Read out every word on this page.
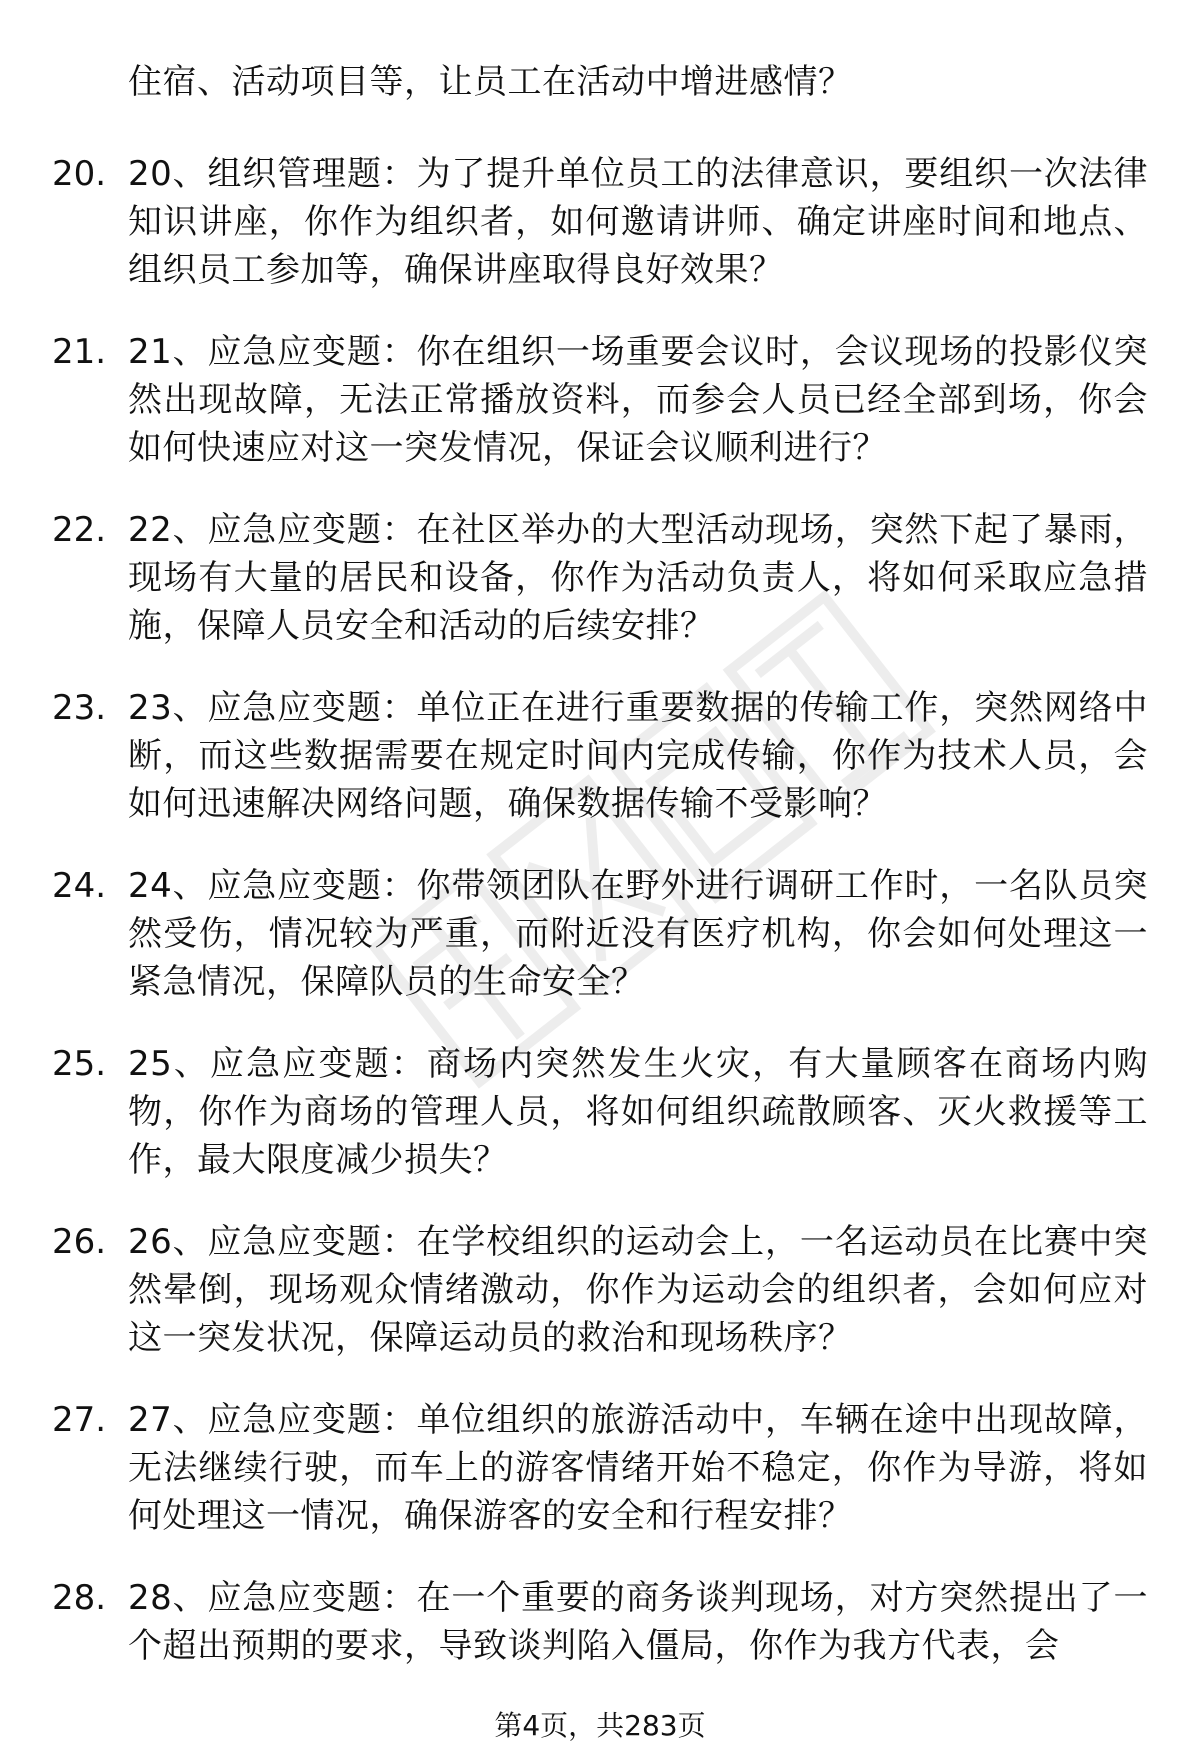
住宿、活动项目等，让员工在活动中增进感情？
20. 20、组织管理题：为了提升单位员工的法律意识，要组织一次法律知识讲座，你作为组织者，如何邀请讲师、确定讲座时间和地点、组织员工参加等，确保讲座取得良好效果？
21. 21、应急应变题：你在组织一场重要会议时，会议现场的投影仪突然出现故障，无法正常播放资料，而参会人员已经全部到场，你会如何快速应对这一突发情况，保证会议顺利进行？
22. 22、应急应变题：在社区举办的大型活动现场，突然下起了暴雨，现场有大量的居民和设备，你作为活动负责人，将如何采取应急措施，保障人员安全和活动的后续安排？
23. 23、应急应变题：单位正在进行重要数据的传输工作，突然网络中断，而这些数据需要在规定时间内完成传输，你作为技术人员，会如何迅速解决网络问题，确保数据传输不受影响？
24. 24、应急应变题：你带领团队在野外进行调研工作时，一名队员突然受伤，情况较为严重，而附近没有医疗机构，你会如何处理这一紧急情况，保障队员的生命安全？
25. 25、应急应变题：商场内突然发生火灾，有大量顾客在商场内购物，你作为商场的管理人员，将如何组织疏散顾客、灭火救援等工作，最大限度减少损失？
26. 26、应急应变题：在学校组织的运动会上，一名运动员在比赛中突然晕倒，现场观众情绪激动，你作为运动会的组织者，会如何应对这一突发状况，保障运动员的救治和现场秩序？
27. 27、应急应变题：单位组织的旅游活动中，车辆在途中出现故障，无法继续行驶，而车上的游客情绪开始不稳定，你作为导游，将如何处理这一情况，确保游客的安全和行程安排？
28. 28、应急应变题：在一个重要的商务谈判现场，对方突然提出了一个超出预期的要求，导致谈判陷入僵局，你作为我方代表，会
第4页，共283页
